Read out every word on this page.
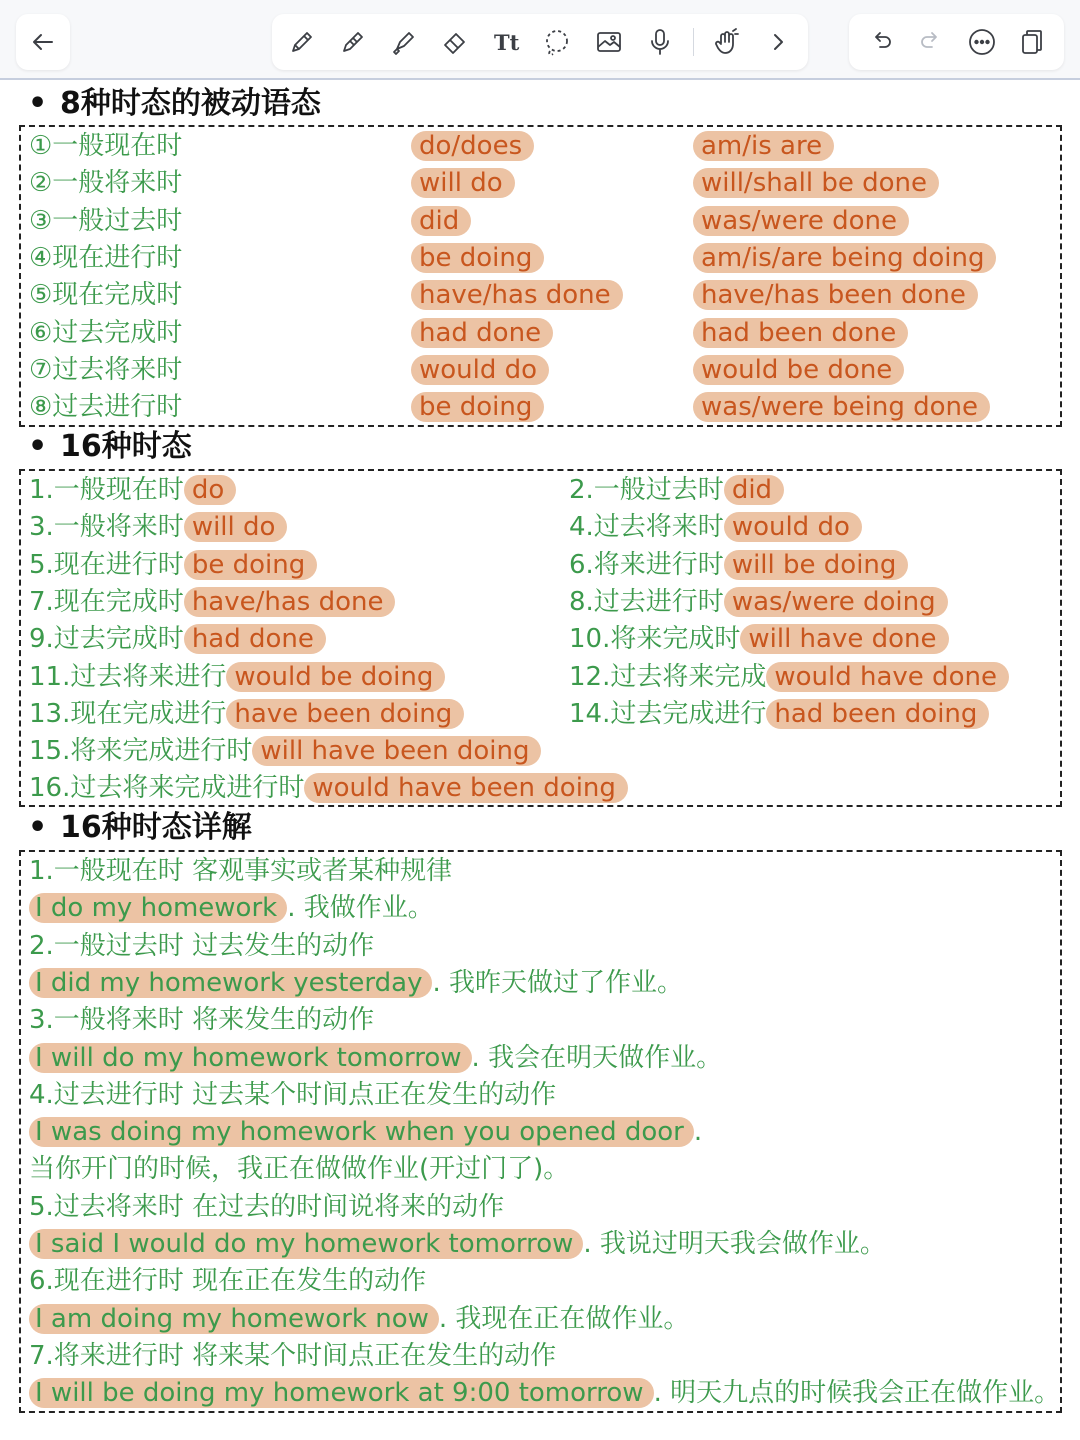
Tt
• 8种时态的被动语态
①一般现在时	do/does	am/is are
②一般将来时	will do	will/shall be done
③一般过去时	did	was/were done
④现在进行时	be doing	am/is/are being doing
⑤现在完成时	have/has done	have/has been done
⑥过去完成时	had done	had been done
⑦过去将来时	would do	would be done
⑧过去进行时	be doing	was/were being done
• 16种时态
1.一般现在时 do	2.一般过去时 did
3.一般将来时 will do	4.过去将来时 would do
5.现在进行时 be doing	6.将来进行时 will be doing
7.现在完成时 have/has done	8.过去进行时 was/were doing
9.过去完成时 had done	10.将来完成时 will have done
11.过去将来进行 would be doing	12.过去将来完成 would have done
13.现在完成进行 have been doing	14.过去完成进行 had been doing
15.将来完成进行时 will have been doing
16.过去将来完成进行时 would have been doing
• 16种时态详解
1.一般现在时 客观事实或者某种规律
I do my homework . 我做作业。
2.一般过去时 过去发生的动作
I did my homework yesterday . 我昨天做过了作业。
3.一般将来时 将来发生的动作
I will do my homework tomorrow . 我会在明天做作业。
4.过去进行时 过去某个时间点正在发生的动作
I was doing my homework when you opened door .
当你开门的时候，我正在做做作业(开过门了)。
5.过去将来时 在过去的时间说将来的动作
I said I would do my homework tomorrow . 我说过明天我会做作业。
6.现在进行时 现在正在发生的动作
I am doing my homework now . 我现在正在做作业。
7.将来进行时 将来某个时间点正在发生的动作
I will be doing my homework at 9:00 tomorrow . 明天九点的时候我会正在做作业。
